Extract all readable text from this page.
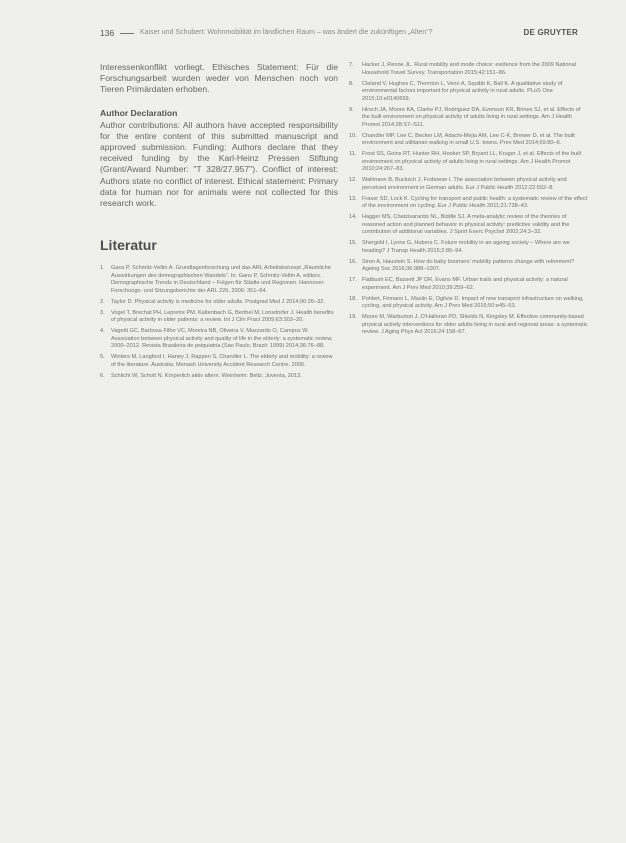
136	Kaiser und Schubert: Wohnmobilität im ländlichen Raum – was ändert die zukünftigen „Alten“?	DE GRUYTER

Interessenkonflikt vorliegt. Ethisches Statement: Für die Forschungsarbeit wurden weder von Menschen noch von Tieren Primärdaten erhoben.

Author Declaration

Author contributions: All authors have accepted responsibility for the entire content of this submitted manuscript and approved submission. Funding: Authors declare that they received funding by the Karl-Heinz Pressen Stiftung (Grant/Award Number: "T 328/27.957"). Conflict of interest: Authors state no conflict of interest. Ethical statement: Primary data for human nor for animals were not collected for this research work.

Literatur
1. Gans P, Schmitz-Veltin A. Grundlagenforschung und das ARL Arbeitskonzept „Räumliche Auswirkungen des demographischen Wandels“. In: Gans P, Schmitz-Veltin A, editors. Demographische Trends in Deutschland – Folgen für Städte und Regionen. Hannover: Forschungs- und Sitzungsberichte der ARL 226, 2006: 351–64.
2. Taylor D. Physical activity is medicine for older adults. Postgrad Med J 2014;90:26–32.
3. Vogel T, Brechat PH, Lepretre PM, Kaltenbach G, Berthel M, Lonsdorfer J. Health benefits of physical activity in older patients: a review. Int J Clin Pract 2009;63:303–20.
4. Vagetti GC, Barbosa Filho VC, Moreira NB, Oliveira V, Mazzardo O, Campos W. Association between physical activity and quality of life in the elderly: a systematic review, 2000–2012. Revista Brasileira de psiquiatria (Sao Paulo, Brazil: 1999) 2014;36:76–88.
5. Winters M, Langford I, Haney J, Rappen S, Chandler L. The elderly and mobility: a review of the literature. Australia: Monash University Accident Research Centre, 2006.
6. Schlicht W, Schott N. Körperlich aktiv altern. Weinheim: Beltz, Juventa, 2013.
7. Hacker J, Renne JL. Rural mobility and mode choice: evidence from the 2009 National Household Travel Survey. Transportation 2015;42:151–86.
8. Cleland V, Hughes C, Thornton L, Venn A, Squibb K, Ball K. A qualitative study of environmental factors important for physical activity in rural adults. PLoS One 2015;10:e0140659.
9. Hirsch JA, Moore KA, Clarke PJ, Rodriguez DA, Evenson KR, Brines SJ, et al. Effects of the built environment on physical activity of adults living in rural settings. Am J Health Promot 2014;28:S7–S11.
10. Chandler MP, Lee C, Becker LM, Adachi-Mejia AM, Lee C-K, Brewer D, et al. The built environment and utilitarian walking in small U.S. towns. Prev Med 2014;69:80–6.
11. Frost SS, Goins RT, Hunter RH, Hooker SP, Bryant LL, Kruger J, et al. Effects of the built environment on physical activity of adults living in rural settings. Am J Health Promot 2010;24:267–83.
12. Wallmann B, Bucksch J, Froboese I. The association between physical activity and perceived environment in German adults. Eur J Public Health 2012;22:502–8.
13. Fraser SD, Lock K. Cycling for transport and public health: a systematic review of the effect of the environment on cycling. Eur J Public Health 2011;21:738–43.
14. Hagger MS, Chatzisarantis NL, Biddle SJ. A meta-analytic review of the theories of reasoned action and planned behavior in physical activity: predictive validity and the contribution of additional variables. J Sport Exerc Psychol 2002;24:3–32.
15. Shergold I, Lyons G, Hubers C. Future mobility in an ageing society – Where are we heading? J Transp Health 2015;2:86–94.
16. Siren A, Haustein S. How do baby boomers' mobility patterns change with retirement? Ageing Soc 2016;36:988–1007.
17. Flatbush EC, Bassett JP DR, Evans MF. Urban trails and physical activity: a natural experiment. Am J Prev Med 2010;39:259–62.
18. Pohlert, Frimann L, Maslin E, Ogilvie D. Impact of new transport infrastructure on walking, cycling, and physical activity. Am J Prev Med 2016;50:e45–53.
19. Moore M, Warburton J, O'Halloran PD, Shields N, Kingsley M. Effective community-based physical activity interventions for older adults living in rural and regional areas: a systematic review. J Aging Phys Act 2016;24:158–67.
